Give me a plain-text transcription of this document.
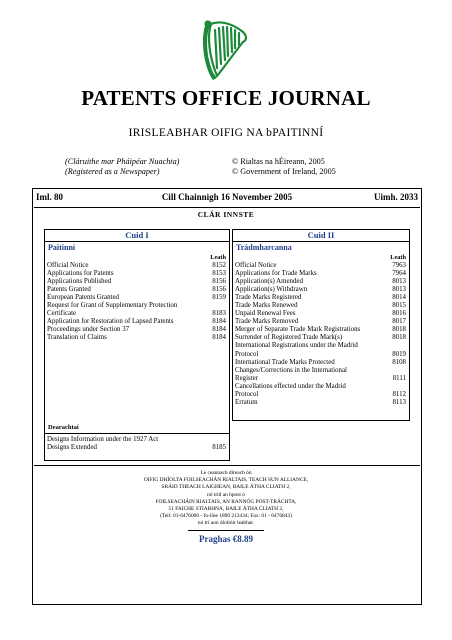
PATENTS OFFICE JOURNAL
IRISLEABHAR OIFIG NA bPAITINNÍ
(Cláruithe mar Pháipéar Nuachta)
(Registered as a Newspaper)
© Rialtas na hÉireann, 2005
© Government of Ireland, 2005
Iml. 80	Cill Chainnigh 16 November 2005	Uimh. 2033
CLÁR INNSTE
Cuid I
Paitinní
Leath
Official Notice	8152

Applications for Patents	8153

Applications Published	8156

Patents Granted	8156

European Patents Granted	8159

Request for Grant of Supplementary Protection

Certificate	8183

Application for Restoration of Lapsed Patents	8184

Proceedings under Section 37	8184

Translation of Claims	8184

Dearachtaí
Designs Information under the 1927 Act

Designs Extended	8185

Cuid II
Trádmharcanna
Leath
Official Notice	7963

Applications for Trade Marks	7964

Application(s) Amended	8013

Application(s) Withdrawn	8013

Trade Marks Registered	8014

Trade Marks Renewed	8015

Unpaid Renewal Fees	8016

Trade Marks Removed	8017

Merger of Separate Trade Mark Registrations	8018

Surrender of Registered Trade Mark(s)	8018

International Registrations under the Madrid

Protocol	8019

International Trade Marks Protected	8108

Changes/Corrections in the International

Register	8111

Cancellations effected under the Madrid

Protocol	8112

Erratum	8113

Le ceannach díreach ón
OIFIG DHÍOLTA FOILSEACHÁN RIALTAIS, TEACH SUN ALLIANCE,
SRÁID THEACH LAIGHEAN, BAILE ÁTHA CLIATH 2,
nó tríd an bpost ó
FOILSEACHÁIN RIALTAIS, AN RANNÓG POST-TRÁCHTA,
51 FAICHE STIABHNA, BAILE ÁTHA CLIATH 2,
(Teil: 01-6476000 - fo-líne 1890 213434; Fax: 01 - 6476843)
nó trí aon díoltóir leabhar.
Praghas €8.89
